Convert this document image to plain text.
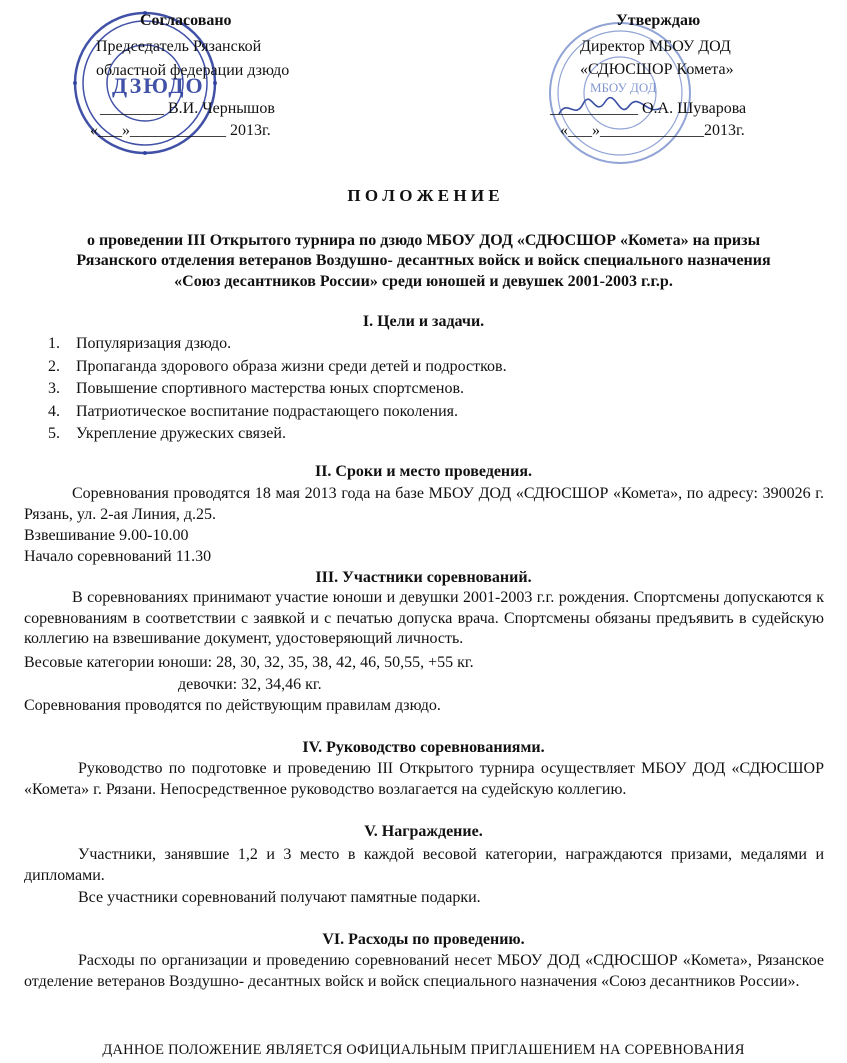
ДЗЮДО	МБОУ ДОД
Согласовано
Председатель Рязанской
областной федерации дзюдо
________ В.И. Чернышов
«___»____________ 2013г.
Утверждаю
Директор МБОУ ДОД
«СДЮСШОР Комета»
___________ О.А. Шуварова
«___»_____________2013г.
П О Л О Ж Е Н И Е
о проведении III Открытого турнира по дзюдо МБОУ ДОД «СДЮСШОР «Комета» на призы
Рязанского отделения ветеранов Воздушно- десантных войск и войск специального назначения
«Союз десантников России» среди юношей и девушек 2001-2003 г.г.р.
I. Цели и задачи.
1. Популяризация дзюдо.
2. Пропаганда здорового образа жизни среди детей и подростков.
3. Повышение спортивного мастерства юных спортсменов.
4. Патриотическое воспитание подрастающего поколения.
5. Укрепление дружеских связей.
II. Сроки и место проведения.
Соревнования проводятся 18 мая 2013 года на базе МБОУ ДОД «СДЮСШОР «Комета», по адресу: 390026 г. Рязань, ул. 2-ая Линия, д.25.
Взвешивание 9.00-10.00
Начало соревнований 11.30
III. Участники соревнований.
В соревнованиях принимают участие юноши и девушки 2001-2003 г.г. рождения. Спортсмены допускаются к соревнованиям в соответствии с заявкой и с печатью допуска врача. Спортсмены обязаны предъявить в судейскую коллегию на взвешивание документ, удостоверяющий личность.
Весовые категории юноши: 28, 30, 32, 35, 38, 42, 46, 50,55, +55 кг.
девочки: 32, 34,46 кг.
Соревнования проводятся по действующим правилам дзюдо.
IV. Руководство соревнованиями.
Руководство по подготовке и проведению III Открытого турнира осуществляет МБОУ ДОД «СДЮСШОР «Комета» г. Рязани. Непосредственное руководство возлагается на судейскую коллегию.
V. Награждение.
Участники, занявшие 1,2 и 3 место в каждой весовой категории, награждаются призами, медалями и дипломами.
Все участники соревнований получают памятные подарки.
VI. Расходы по проведению.
Расходы по организации и проведению соревнований несет МБОУ ДОД «СДЮСШОР «Комета», Рязанское отделение ветеранов Воздушно- десантных войск и войск специального назначения «Союз десантников России».
ДАННОЕ ПОЛОЖЕНИЕ ЯВЛЯЕТСЯ ОФИЦИАЛЬНЫМ ПРИГЛАШЕНИЕМ НА СОРЕВНОВАНИЯ
